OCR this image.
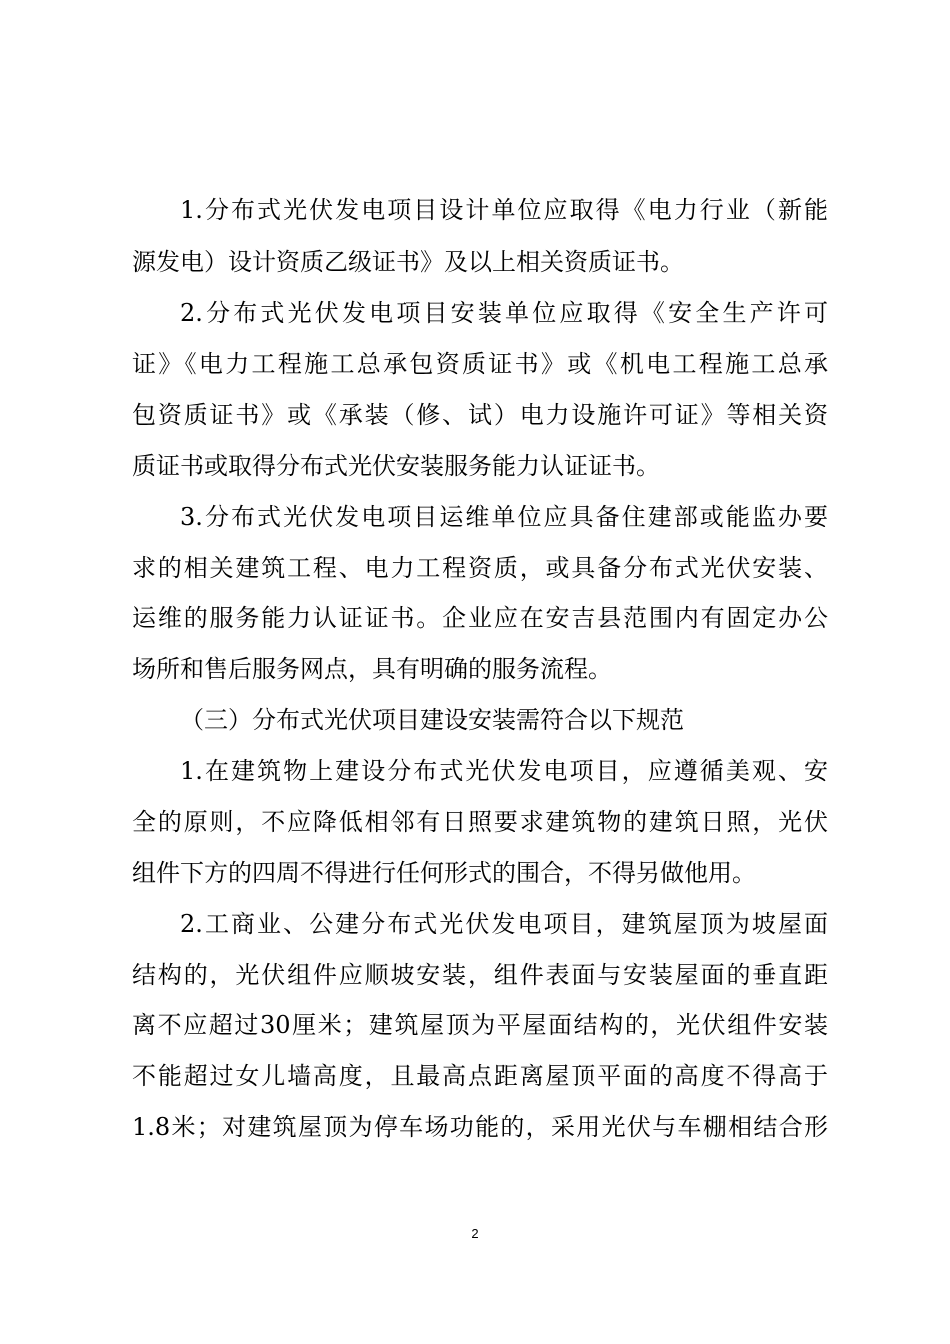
1.分布式光伏发电项目设计单位应取得《电力行业（新能
源发电）设计资质乙级证书》及以上相关资质证书。
2.分布式光伏发电项目安装单位应取得《安全生产许可
证》《电力工程施工总承包资质证书》或《机电工程施工总承
包资质证书》或《承装（修、试）电力设施许可证》等相关资
质证书或取得分布式光伏安装服务能力认证证书。
3.分布式光伏发电项目运维单位应具备住建部或能监办要
求的相关建筑工程、电力工程资质，或具备分布式光伏安装、
运维的服务能力认证证书。企业应在安吉县范围内有固定办公
场所和售后服务网点，具有明确的服务流程。
（三）分布式光伏项目建设安装需符合以下规范
1.在建筑物上建设分布式光伏发电项目，应遵循美观、安
全的原则，不应降低相邻有日照要求建筑物的建筑日照，光伏
组件下方的四周不得进行任何形式的围合，不得另做他用。
2.工商业、公建分布式光伏发电项目，建筑屋顶为坡屋面
结构的，光伏组件应顺坡安装，组件表面与安装屋面的垂直距
离不应超过30厘米；建筑屋顶为平屋面结构的，光伏组件安装
不能超过女儿墙高度，且最高点距离屋顶平面的高度不得高于
1.8米；对建筑屋顶为停车场功能的，采用光伏与车棚相结合形
2
